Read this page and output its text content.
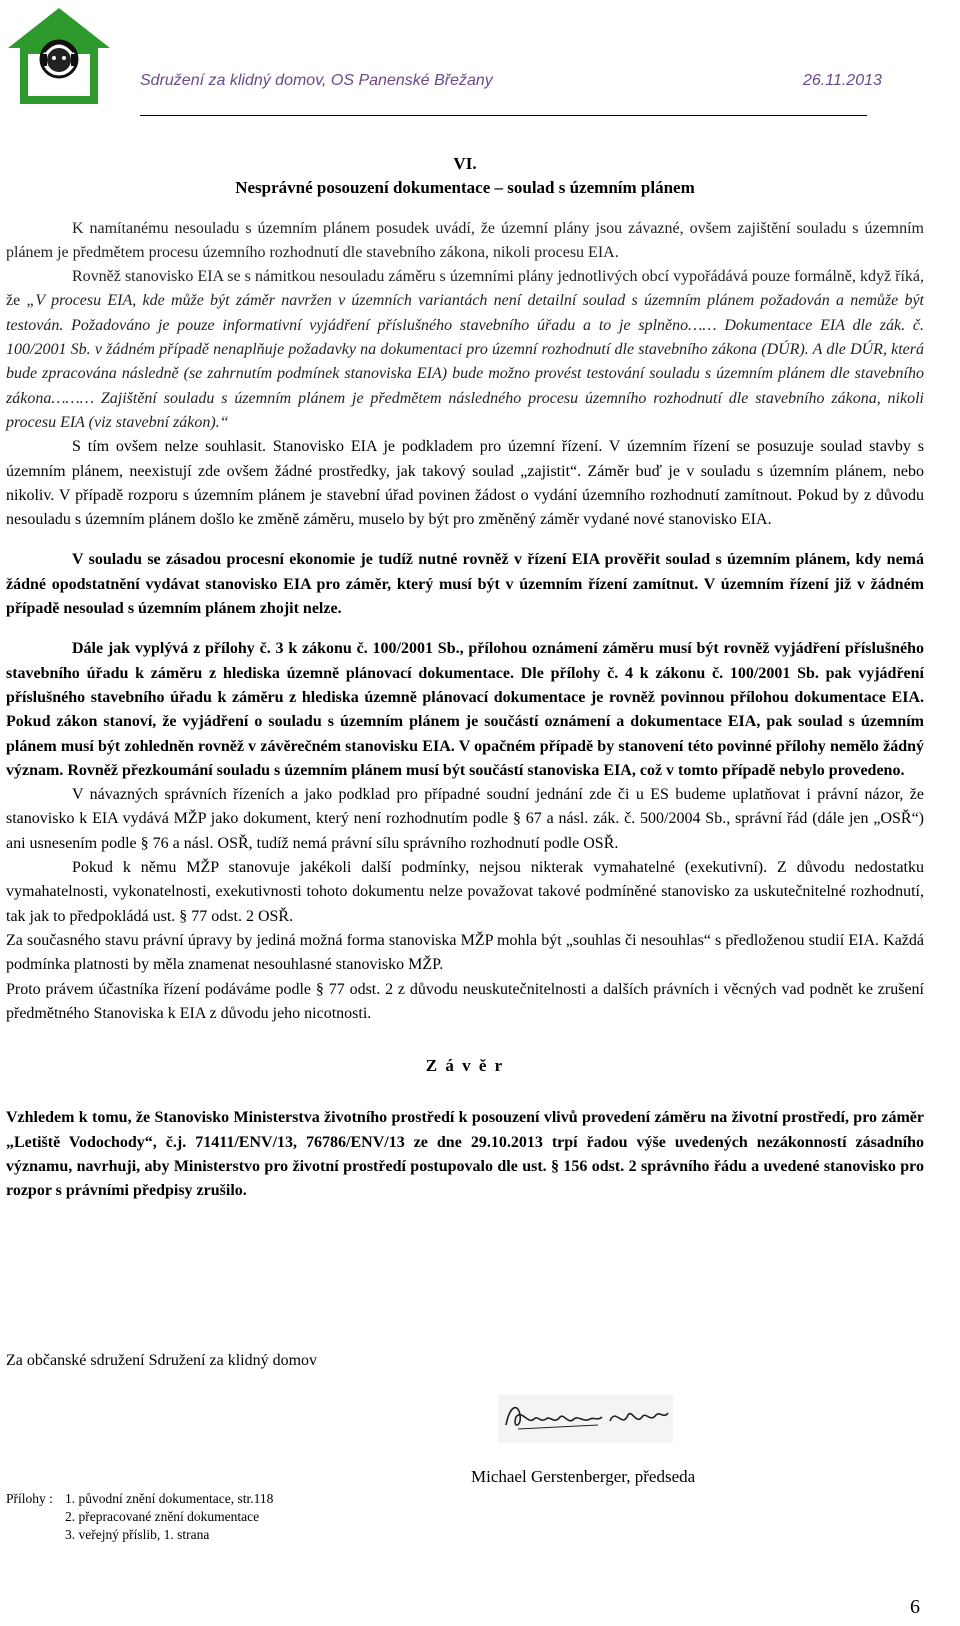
Sdružení za klidný domov, OS Panenské Břežany	26.11.2013

VI.

Nesprávné posouzení dokumentace – soulad s územním plánem

K namítanému nesouladu s územním plánem posudek uvádí, že územní plány jsou závazné, ovšem zajištění souladu s územním plánem je předmětem procesu územního rozhodnutí dle stavebního zákona, nikoli procesu EIA.

Rovněž stanovisko EIA se s námitkou nesouladu záměru s územními plány jednotlivých obcí vypořádává pouze formálně, když říká, že „V procesu EIA, kde může být záměr navržen v územních variantách není detailní soulad s územním plánem požadován a nemůže být testován. Požadováno je pouze informativní vyjádření příslušného stavebního úřadu a to je splněno…… Dokumentace EIA dle zák. č. 100/2001 Sb. v žádném případě nenaplňuje požadavky na dokumentaci pro územní rozhodnutí dle stavebního zákona (DÚR). A dle DÚR, která bude zpracována následně (se zahrnutím podmínek stanoviska EIA) bude možno provést testování souladu s územním plánem dle stavebního zákona……… Zajištění souladu s územním plánem je předmětem následného procesu územního rozhodnutí dle stavebního zákona, nikoli procesu EIA (viz stavební zákon).“

S tím ovšem nelze souhlasit. Stanovisko EIA je podkladem pro územní řízení. V územním řízení se posuzuje soulad stavby s územním plánem, neexistují zde ovšem žádné prostředky, jak takový soulad „zajistit“. Záměr buď je v souladu s územním plánem, nebo nikoliv. V případě rozporu s územním plánem je stavební úřad povinen žádost o vydání územního rozhodnutí zamítnout. Pokud by z důvodu nesouladu s územním plánem došlo ke změně záměru, muselo by být pro změněný záměr vydané nové stanovisko EIA.

V souladu se zásadou procesní ekonomie je tudíž nutné rovněž v řízení EIA prověřit soulad s územním plánem, kdy nemá žádné opodstatnění vydávat stanovisko EIA pro záměr, který musí být v územním řízení zamítnut. V územním řízení již v žádném případě nesoulad s územním plánem zhojit nelze.

Dále jak vyplývá z přílohy č. 3 k zákonu č. 100/2001 Sb., přílohou oznámení záměru musí být rovněž vyjádření příslušného stavebního úřadu k záměru z hlediska územně plánovací dokumentace. Dle přílohy č. 4 k zákonu č. 100/2001 Sb. pak vyjádření příslušného stavebního úřadu k záměru z hlediska územně plánovací dokumentace je rovněž povinnou přílohou dokumentace EIA. Pokud zákon stanoví, že vyjádření o souladu s územním plánem je součástí oznámení a dokumentace EIA, pak soulad s územním plánem musí být zohledněn rovněž v závěrečném stanovisku EIA. V opačném případě by stanovení této povinné přílohy nemělo žádný význam. Rovněž přezkoumání souladu s územním plánem musí být součástí stanoviska EIA, což v tomto případě nebylo provedeno.

V návazných správních řízeních a jako podklad pro případné soudní jednání zde či u ES budeme uplatňovat i právní názor, že stanovisko k EIA vydává MŽP jako dokument, který není rozhodnutím podle § 67 a násl. zák. č. 500/2004 Sb., správní řád (dále jen „OSŘ“) ani usnesením podle § 76 a násl. OSŘ, tudíž nemá právní sílu správního rozhodnutí podle OSŘ.

Pokud k němu MŽP stanovuje jakékoli další podmínky, nejsou nikterak vymahatelné (exekutivní). Z důvodu nedostatku vymahatelnosti, vykonatelnosti, exekutivnosti tohoto dokumentu nelze považovat takové podmíněné stanovisko za uskutečnitelné rozhodnutí, tak jak to předpokládá ust. § 77 odst. 2 OSŘ.

Za současného stavu právní úpravy by jediná možná forma stanoviska MŽP mohla být „souhlas či nesouhlas“ s předloženou studií EIA. Každá podmínka platnosti by měla znamenat nesouhlasné stanovisko MŽP.

Proto právem účastníka řízení podáváme podle § 77 odst. 2 z důvodu neuskutečnitelnosti a dalších právních i věcných vad podnět ke zrušení předmětného Stanoviska k EIA z důvodu jeho nicotnosti.

Z á v ě r

Vzhledem k tomu, že Stanovisko Ministerstva životního prostředí k posouzení vlivů provedení záměru na životní prostředí, pro záměr „Letiště Vodochody“, č.j. 71411/ENV/13, 76786/ENV/13 ze dne 29.10.2013 trpí řadou výše uvedených nezákonností zásadního významu, navrhuji, aby Ministerstvo pro životní prostředí postupovalo dle ust. § 156 odst. 2 správního řádu a uvedené stanovisko pro rozpor s právními předpisy zrušilo.

Za občanské sdružení Sdružení za klidný domov
Michael Gerstenberger, předseda
Přílohy : 1. původní znění dokumentace, str.118
2. přepracované znění dokumentace
3. veřejný příslib, 1. strana
6
